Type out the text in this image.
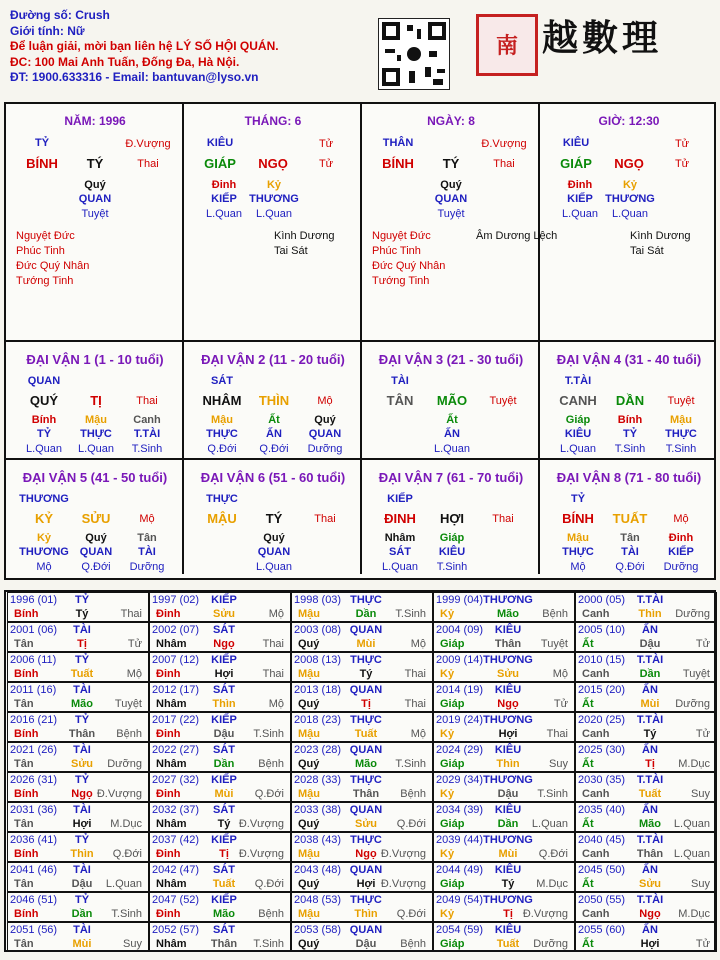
Đường số: Crush
Giới tính: Nữ
Để luận giải, mời bạn liên hệ LÝ SỐ HỘI QUÁN.
ĐC: 100 Mai Anh Tuấn, Đống Đa, Hà Nội.
ĐT: 1900.633316 - Email: bantuvan@lyso.vn
南 越數理
NĂM: 1996
TỶ	Đ.Vượng
BÍNH TÝ	Thai
Quý
QUAN
Tuyệt
Nguyệt Đức
Phúc Tinh
Đức Quý Nhân
Tướng Tinh
THÁNG: 6
KIÊU	Tử
GIÁP NGỌ	Tử
Đinh
KIẾP
L.Quan
Kỷ
THƯƠNG
L.Quan
Kình Dương
Tai Sát
NGÀY: 8
THÂN	Đ.Vượng
BÍNH TÝ	Thai
Quý
QUAN
Tuyệt
Nguyệt Đức
Phúc Tinh
Đức Quý Nhân
Tướng Tinh
Âm Dương Lệch
GIỜ: 12:30
KIÊU	Tử
GIÁP NGỌ	Tử
Đinh
KIẾP
L.Quan
Kỷ
THƯƠNG
L.Quan
Kình Dương
Tai Sát
ĐẠI VẬN 1 (1 - 10 tuổi)
QUAN
QUÝ TỊ	Thai
Bính
TỶ
L.Quan
Mậu
THỰC
L.Quan
Canh
T.TÀI
T.Sinh
ĐẠI VẬN 2 (11 - 20 tuổi)
SÁT
NHÂM THÌN	Mộ
Mậu
THỰC
Q.Đới
Ất
ẤN
Q.Đới
Quý
QUAN
Dưỡng
ĐẠI VẬN 3 (21 - 30 tuổi)
TÀI
TÂN MÃO Tuyệt
Ất
ẤN
L.Quan
ĐẠI VẬN 4 (31 - 40 tuổi)
T.TÀI
CANH DẦN Tuyệt
Giáp
KIÊU
L.Quan
Bính
TỶ
T.Sinh
Mậu
THỰC
T.Sinh
ĐẠI VẬN 5 (41 - 50 tuổi)
THƯƠNG
KỶ SỬU	Mộ
Kỷ
THƯƠNG
Mộ
Quý
QUAN
Q.Đới
Tân
TÀI
Dưỡng
ĐẠI VẬN 6 (51 - 60 tuổi)
THỰC
MẬU TÝ	Thai
Quý
QUAN
L.Quan
ĐẠI VẬN 7 (61 - 70 tuổi)
KIẾP
ĐINH HỢI	Thai
Nhâm
SÁT
L.Quan
Giáp
KIÊU
T.Sinh
ĐẠI VẬN 8 (71 - 80 tuổi)
TỶ
BÍNH TUẤT Mộ
Mậu
THỰC
Mộ
Tân
TÀI
Q.Đới
Đinh
KIẾP
Dưỡng
1996 (01) TỶ
Bính	Tý	Thai
1997 (02) KIẾP
Đinh	Sửu	Mộ
1998 (03) THỰC
Mậu	Dần T.Sinh
1999 (04) THƯƠNG
Kỷ	Mão Bệnh
2000 (05) T.TÀI
Canh	Thìn Dưỡng
2001 (06) TÀI
Tân	Tị	Tử
2002 (07) SÁT
Nhâm Ngọ	Thai
2003 (08) QUAN
Quý	Mùi	Mộ
2004 (09) KIÊU
Giáp	Thân Tuyệt
2005 (10) ẤN
Ất	Dậu	Tử
2006 (11) TỶ
Bính	Tuất	Mộ
2007 (12) KIẾP
Đinh	Hợi	Thai
2008 (13) THỰC
Mậu	Tý	Thai
2009 (14) THƯƠNG
Kỷ	Sửu	Mộ
2010 (15) T.TÀI
Canh	Dần Tuyệt
2011 (16) TÀI
Tân	Mão Tuyệt
2012 (17) SÁT
Nhâm Thìn	Mộ
2013 (18) QUAN
Quý	Tị	Thai
2014 (19) KIÊU
Giáp	Ngọ	Tử
2015 (20) ẤN
Ất	Mùi Dưỡng
2016 (21) TỶ
Bính	Thân Bệnh
2017 (22) KIẾP
Đinh	Dậu T.Sinh
2018 (23) THỰC
Mậu	Tuất	Mộ
2019 (24) THƯƠNG
Kỷ	Hợi	Thai
2020 (25) T.TÀI
Canh	Tý	Tử
2021 (26) TÀI
Tân	Sửu Dưỡng
2022 (27) SÁT
Nhâm Dần Bệnh
2023 (28) QUAN
Quý	Mão T.Sinh
2024 (29) KIÊU
Giáp	Thìn	Suy
2025 (30) ẤN
Ất	Tị M.Dục
2026 (31) TỶ
Bính	Ngọ Đ.Vượng
2027 (32) KIẾP
Đinh	Mùi Q.Đới
2028 (33) THỰC
Mậu	Thân Bệnh
2029 (34) THƯƠNG
Kỷ	Dậu T.Sinh
2030 (35) T.TÀI
Canh	Tuất	Suy
2031 (36) TÀI
Tân	Hợi M.Dục
2032 (37) SÁT
Nhâm	Tý Đ.Vượng
2033 (38) QUAN
Quý	Sửu Q.Đới
2034 (39) KIÊU
Giáp	Dần L.Quan
2035 (40) ẤN
Ất	Mão L.Quan
2036 (41) TỶ
Bính	Thìn Q.Đới
2037 (42) KIẾP
Đinh	Tị Đ.Vượng
2038 (43) THỰC
Mậu	Ngọ Đ.Vượng
2039 (44) THƯƠNG
Kỷ	Mùi Q.Đới
2040 (45) T.TÀI
Canh Thân L.Quan
2041 (46) TÀI
Tân	Dậu L.Quan
2042 (47) SÁT
Nhâm Tuất Q.Đới
2043 (48) QUAN
Quý	Hợi Đ.Vượng
2044 (49) KIÊU
Giáp	Tý M.Dục
2045 (50) ẤN
Ất	Sửu	Suy
2046 (51) TỶ
Bính	Dần T.Sinh
2047 (52) KIẾP
Đinh	Mão Bệnh
2048 (53) THỰC
Mậu	Thìn Q.Đới
2049 (54) THƯƠNG
Kỷ	Tị Đ.Vượng
2050 (55) T.TÀI
Canh	Ngọ M.Dục
2051 (56) TÀI
Tân	Mùi	Suy
2052 (57) SÁT
Nhâm Thân T.Sinh
2053 (58) QUAN
Quý	Dậu Bệnh
2054 (59) KIÊU
Giáp	Tuất Dưỡng
2055 (60) ẤN
Ất	Hợi	Tử
